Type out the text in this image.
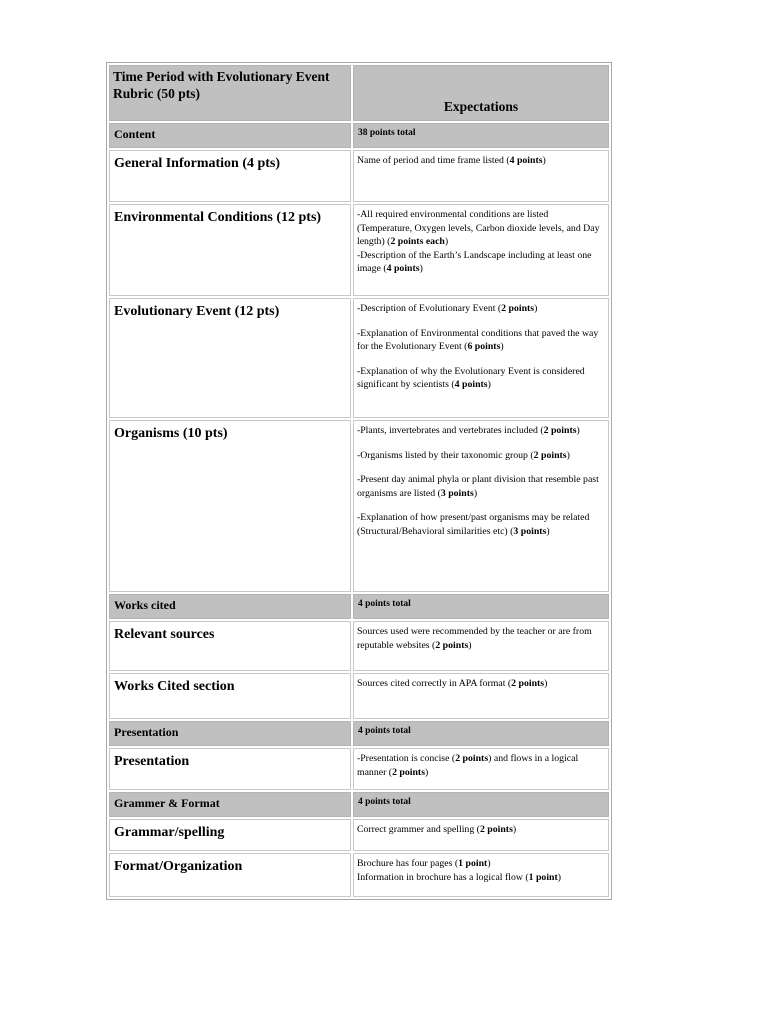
Time Period with Evolutionary Event Rubric (50 pts)	Expectations
Content	38 points total
General Information (4 pts)	Name of period and time frame listed (4 points)

Environmental Conditions (12 pts)	-All required environmental conditions are listed (Temperature, Oxygen levels, Carbon dioxide levels, and Day length) (2 points each)
-Description of the Earth’s Landscape including at least one image (4 points)

Evolutionary Event (12 pts)	-Description of Evolutionary Event (2 points)

-Explanation of Environmental conditions that paved the way for the Evolutionary Event (6 points)

-Explanation of why the Evolutionary Event is considered significant by scientists (4 points)

Organisms (10 pts)	-Plants, invertebrates and vertebrates included (2 points)

-Organisms listed by their taxonomic group (2 points)

-Present day animal phyla or plant division that resemble past organisms are listed (3 points)

-Explanation of how present/past organisms may be related (Structural/Behavioral similarities etc) (3 points)

Works cited	4 points total
Relevant sources	Sources used were recommended by the teacher or are from reputable websites (2 points)

Works Cited section	Sources cited correctly in APA format (2 points)

Presentation	4 points total
Presentation	-Presentation is concise (2 points) and flows in a logical manner (2 points)

Grammer & Format	4 points total
Grammar/spelling	Correct grammer and spelling (2 points)

Format/Organization	Brochure has four pages (1 point)
Information in brochure has a logical flow (1 point)
